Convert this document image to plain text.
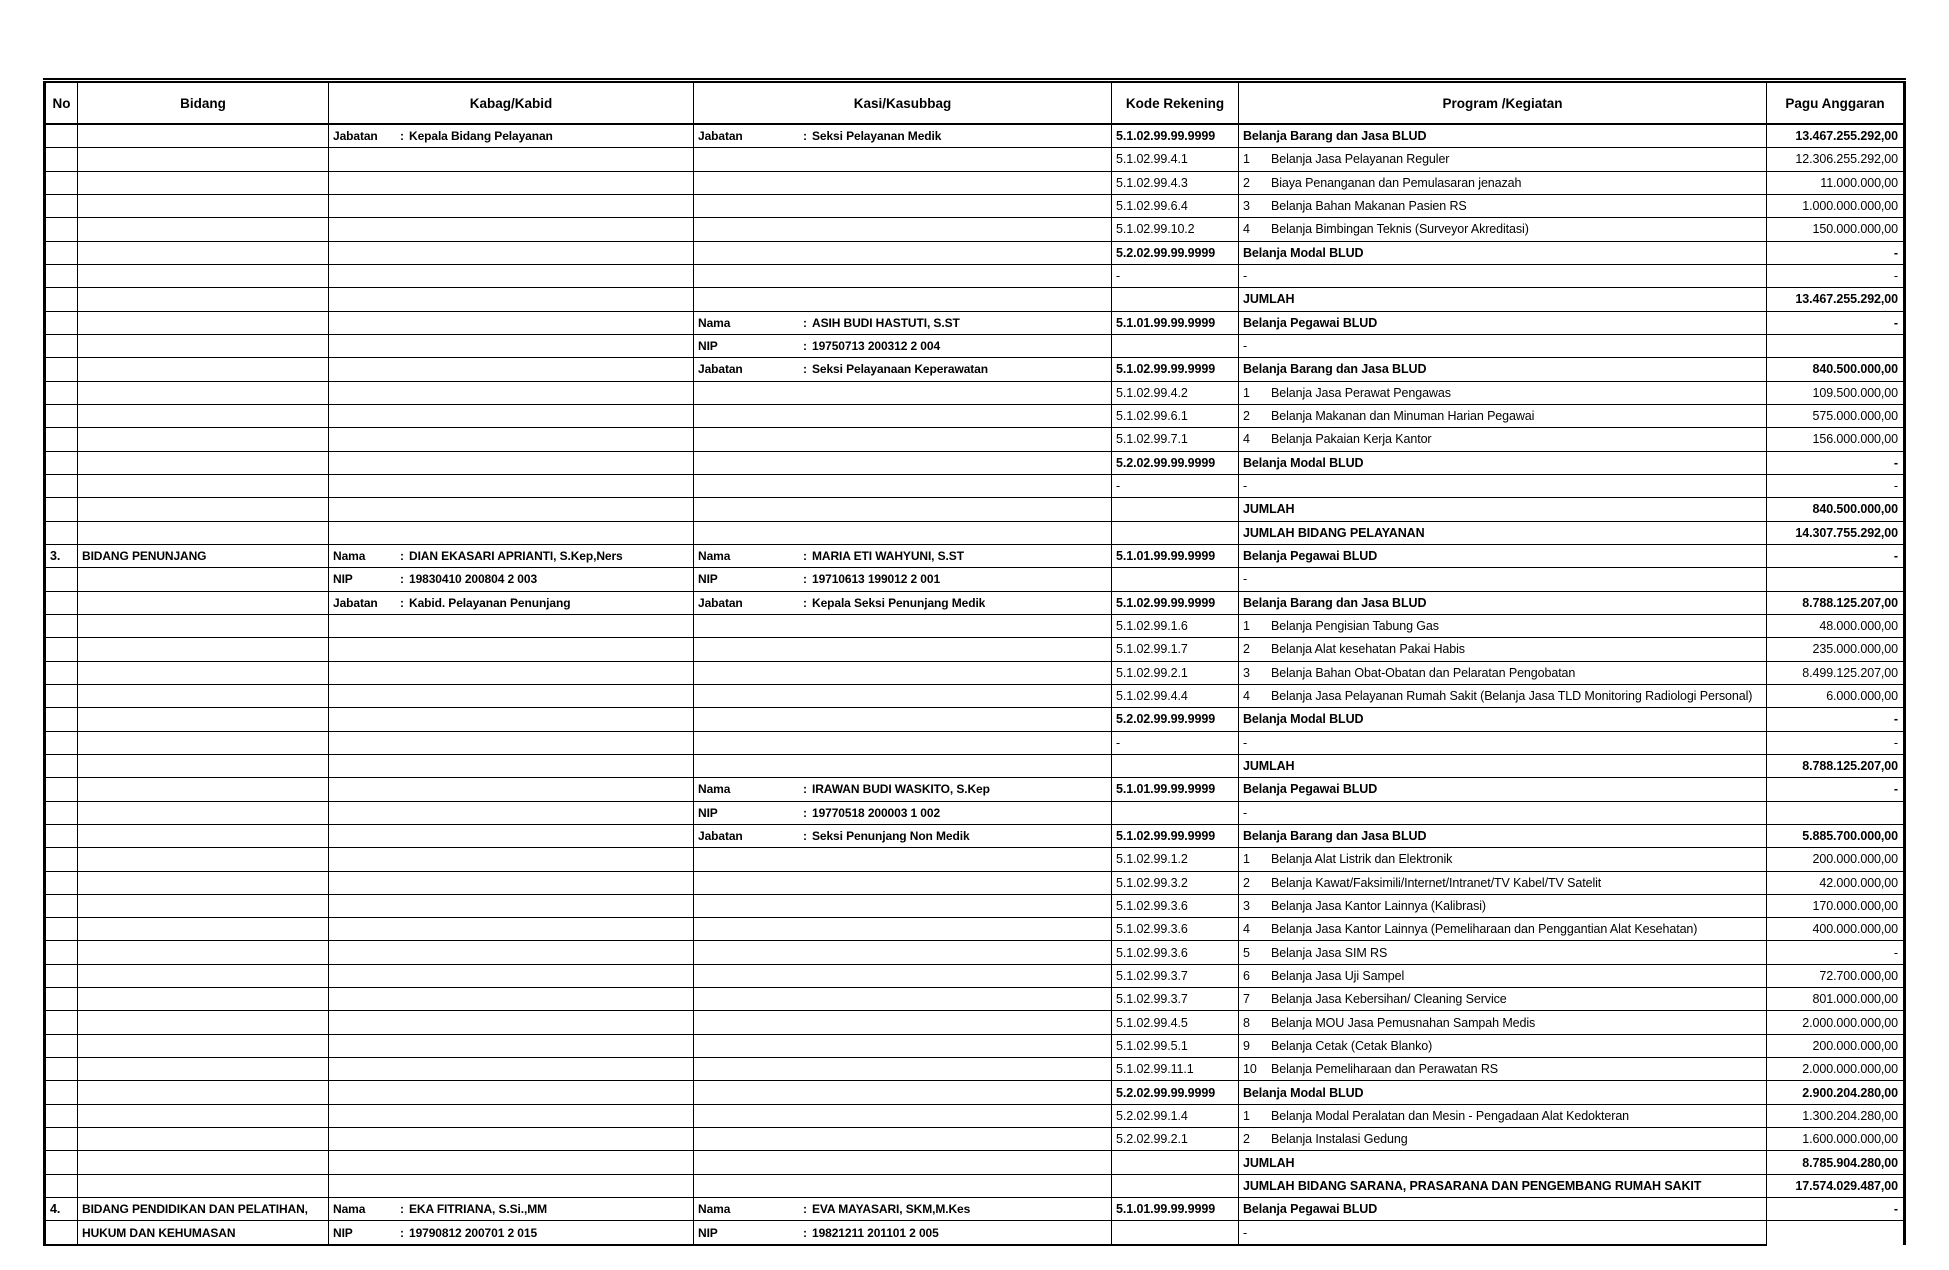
No	Bidang	Kabag/Kabid	Kasi/Kasubbag	Kode Rekening	Program /Kegiatan	Pagu Anggaran
		Jabatan : Kepala Bidang Pelayanan	Jabatan : Seksi Pelayanan Medik	5.1.02.99.99.9999	Belanja Barang dan Jasa BLUD	13.467.255.292,00
				5.1.02.99.4.1	1 Belanja Jasa Pelayanan Reguler	12.306.255.292,00
				5.1.02.99.4.3	2 Biaya Penanganan dan Pemulasaran jenazah	11.000.000,00
				5.1.02.99.6.4	3 Belanja Bahan Makanan Pasien RS	1.000.000.000,00
				5.1.02.99.10.2	4 Belanja Bimbingan Teknis (Surveyor Akreditasi)	150.000.000,00
				5.2.02.99.99.9999	Belanja Modal BLUD	-
				-	-	-
					JUMLAH	13.467.255.292,00
			Nama : ASIH BUDI HASTUTI, S.ST	5.1.01.99.99.9999	Belanja Pegawai BLUD	-
			NIP : 19750713 200312 2 004		-	
			Jabatan : Seksi Pelayanaan Keperawatan	5.1.02.99.99.9999	Belanja Barang dan Jasa BLUD	840.500.000,00
				5.1.02.99.4.2	1 Belanja Jasa Perawat Pengawas	109.500.000,00
				5.1.02.99.6.1	2 Belanja Makanan dan Minuman Harian Pegawai	575.000.000,00
				5.1.02.99.7.1	4 Belanja Pakaian Kerja Kantor	156.000.000,00
				5.2.02.99.99.9999	Belanja Modal BLUD	-
				-	-	-
					JUMLAH	840.500.000,00
					JUMLAH BIDANG PELAYANAN	14.307.755.292,00
3.	BIDANG PENUNJANG	Nama : DIAN EKASARI APRIANTI, S.Kep,Ners	Nama : MARIA ETI WAHYUNI, S.ST	5.1.01.99.99.9999	Belanja Pegawai BLUD	-
		NIP : 19830410 200804 2 003	NIP : 19710613 199012 2 001		-	
		Jabatan : Kabid. Pelayanan Penunjang	Jabatan : Kepala Seksi Penunjang Medik	5.1.02.99.99.9999	Belanja Barang dan Jasa BLUD	8.788.125.207,00
				5.1.02.99.1.6	1 Belanja Pengisian Tabung Gas	48.000.000,00
				5.1.02.99.1.7	2 Belanja Alat kesehatan Pakai Habis	235.000.000,00
				5.1.02.99.2.1	3 Belanja Bahan Obat-Obatan dan Pelaratan Pengobatan	8.499.125.207,00
				5.1.02.99.4.4	4 Belanja Jasa Pelayanan Rumah Sakit (Belanja Jasa TLD Monitoring Radiologi Personal)	6.000.000,00
				5.2.02.99.99.9999	Belanja Modal BLUD	-
				-	-	-
					JUMLAH	8.788.125.207,00
			Nama : IRAWAN BUDI WASKITO, S.Kep	5.1.01.99.99.9999	Belanja Pegawai BLUD	-
			NIP : 19770518 200003 1 002		-	
			Jabatan : Seksi Penunjang Non Medik	5.1.02.99.99.9999	Belanja Barang dan Jasa BLUD	5.885.700.000,00
				5.1.02.99.1.2	1 Belanja Alat Listrik dan Elektronik	200.000.000,00
				5.1.02.99.3.2	2 Belanja Kawat/Faksimili/Internet/Intranet/TV Kabel/TV Satelit	42.000.000,00
				5.1.02.99.3.6	3 Belanja Jasa Kantor Lainnya (Kalibrasi)	170.000.000,00
				5.1.02.99.3.6	4 Belanja Jasa Kantor Lainnya (Pemeliharaan dan Penggantian Alat Kesehatan)	400.000.000,00
				5.1.02.99.3.6	5 Belanja Jasa SIM RS	-
				5.1.02.99.3.7	6 Belanja Jasa Uji Sampel	72.700.000,00
				5.1.02.99.3.7	7 Belanja Jasa Kebersihan/ Cleaning Service	801.000.000,00
				5.1.02.99.4.5	8 Belanja MOU Jasa Pemusnahan Sampah Medis	2.000.000.000,00
				5.1.02.99.5.1	9 Belanja Cetak (Cetak Blanko)	200.000.000,00
				5.1.02.99.11.1	10 Belanja Pemeliharaan dan Perawatan RS	2.000.000.000,00
				5.2.02.99.99.9999	Belanja Modal BLUD	2.900.204.280,00
				5.2.02.99.1.4	1 Belanja Modal Peralatan dan Mesin - Pengadaan Alat Kedokteran	1.300.204.280,00
				5.2.02.99.2.1	2 Belanja Instalasi Gedung	1.600.000.000,00
					JUMLAH	8.785.904.280,00
					JUMLAH BIDANG SARANA, PRASARANA DAN PENGEMBANG RUMAH SAKIT	17.574.029.487,00
4.	BIDANG PENDIDIKAN DAN PELATIHAN,	Nama : EKA FITRIANA, S.Si.,MM	Nama : EVA MAYASARI, SKM,M.Kes	5.1.01.99.99.9999	Belanja Pegawai BLUD	-
	HUKUM DAN KEHUMASAN	NIP : 19790812 200701 2 015	NIP : 19821211 201101 2 005		-	
